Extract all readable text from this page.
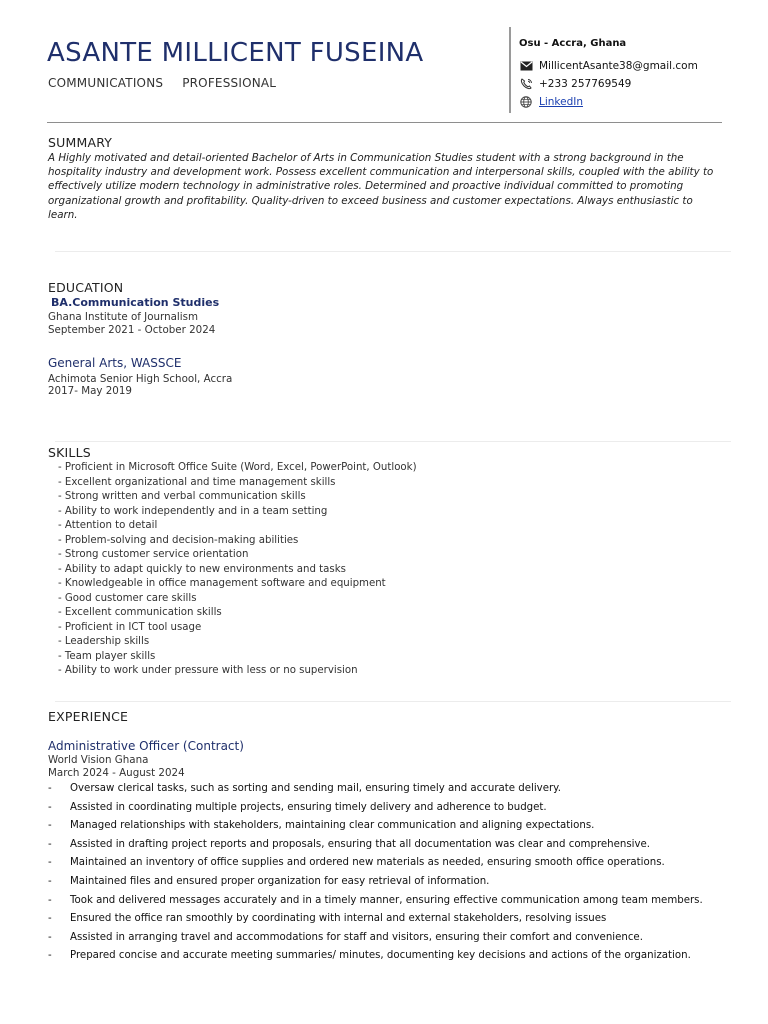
ASANTE MILLICENT FUSEINA
COMMUNICATIONS PROFESSIONAL
Osu - Accra, Ghana
MillicentAsante38@gmail.com
+233 257769549
LinkedIn
SUMMARY
A Highly motivated and detail-oriented Bachelor of Arts in Communication Studies student with a strong background in the hospitality industry and development work. Possess excellent communication and interpersonal skills, coupled with the ability to effectively utilize modern technology in administrative roles. Determined and proactive individual committed to promoting organizational growth and profitability. Quality-driven to exceed business and customer expectations. Always enthusiastic to learn.
EDUCATION
BA.Communication Studies
Ghana Institute of Journalism
September 2021 - October 2024
General Arts, WASSCE
Achimota Senior High School, Accra
2017- May 2019
SKILLS
- Proficient in Microsoft Office Suite (Word, Excel, PowerPoint, Outlook)
- Excellent organizational and time management skills
- Strong written and verbal communication skills
- Ability to work independently and in a team setting
- Attention to detail
- Problem-solving and decision-making abilities
- Strong customer service orientation
- Ability to adapt quickly to new environments and tasks
- Knowledgeable in office management software and equipment
- Good customer care skills
- Excellent communication skills
- Proficient in ICT tool usage
- Leadership skills
- Team player skills
- Ability to work under pressure with less or no supervision
EXPERIENCE
Administrative Officer (Contract)
World Vision Ghana
March 2024 - August 2024
-	Oversaw clerical tasks, such as sorting and sending mail, ensuring timely and accurate delivery.
-	Assisted in coordinating multiple projects, ensuring timely delivery and adherence to budget.
-	Managed relationships with stakeholders, maintaining clear communication and aligning expectations.
-	Assisted in drafting project reports and proposals, ensuring that all documentation was clear and comprehensive.
-	Maintained an inventory of office supplies and ordered new materials as needed, ensuring smooth office operations.
-	Maintained files and ensured proper organization for easy retrieval of information.
-	Took and delivered messages accurately and in a timely manner, ensuring effective communication among team members.
-	Ensured the office ran smoothly by coordinating with internal and external stakeholders, resolving issues
-	Assisted in arranging travel and accommodations for staff and visitors, ensuring their comfort and convenience.
-	Prepared concise and accurate meeting summaries/ minutes, documenting key decisions and actions of the organization.
